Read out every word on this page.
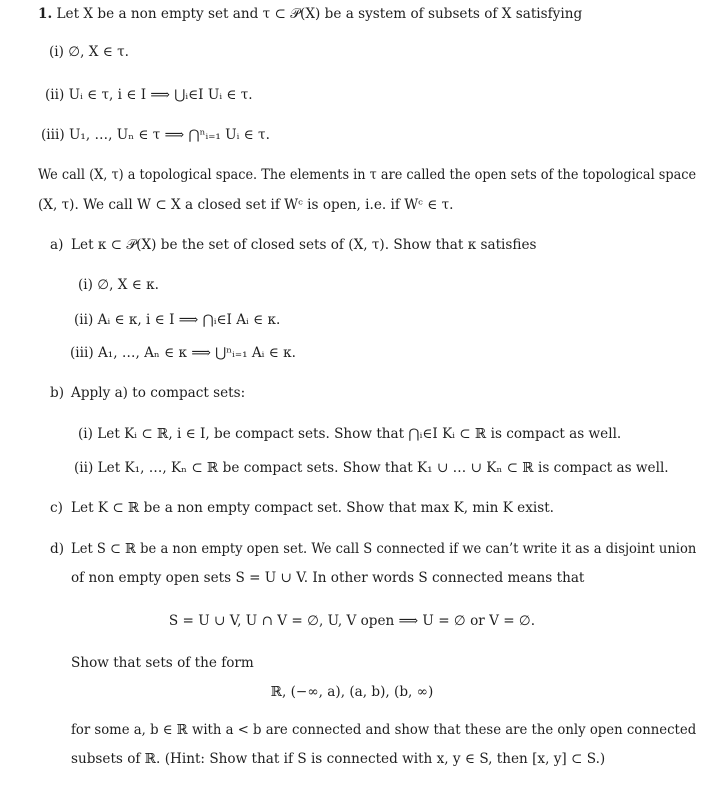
1. Let X be a non empty set and τ ⊂ 𝒫(X) be a system of subsets of X satisfying
(i) ∅, X ∈ τ.
(ii) Uᵢ ∈ τ, i ∈ I ⟹ ⋃ᵢ∈I Uᵢ ∈ τ.
(iii) U₁, …, Uₙ ∈ τ ⟹ ⋂ⁿᵢ₌₁ Uᵢ ∈ τ.
We call (X, τ) a topological space. The elements in τ are called the open sets of the topological space
(X, τ). We call W ⊂ X a closed set if Wᶜ is open, i.e. if Wᶜ ∈ τ.
a) Let κ ⊂ 𝒫(X) be the set of closed sets of (X, τ). Show that κ satisfies
(i) ∅, X ∈ κ.
(ii) Aᵢ ∈ κ, i ∈ I ⟹ ⋂ᵢ∈I Aᵢ ∈ κ.
(iii) A₁, …, Aₙ ∈ κ ⟹ ⋃ⁿᵢ₌₁ Aᵢ ∈ κ.
b) Apply a) to compact sets:
(i) Let Kᵢ ⊂ ℝ, i ∈ I, be compact sets. Show that ⋂ᵢ∈I Kᵢ ⊂ ℝ is compact as well.
(ii) Let K₁, …, Kₙ ⊂ ℝ be compact sets. Show that K₁ ∪ … ∪ Kₙ ⊂ ℝ is compact as well.
c) Let K ⊂ ℝ be a non empty compact set. Show that max K, min K exist.
d) Let S ⊂ ℝ be a non empty open set. We call S connected if we can’t write it as a disjoint union
of non empty open sets S = U ∪ V. In other words S connected means that
S = U ∪ V, U ∩ V = ∅, U, V open ⟹ U = ∅ or V = ∅.
Show that sets of the form
ℝ, (−∞, a), (a, b), (b, ∞)
for some a, b ∈ ℝ with a < b are connected and show that these are the only open connected
subsets of ℝ. (Hint: Show that if S is connected with x, y ∈ S, then [x, y] ⊂ S.)
